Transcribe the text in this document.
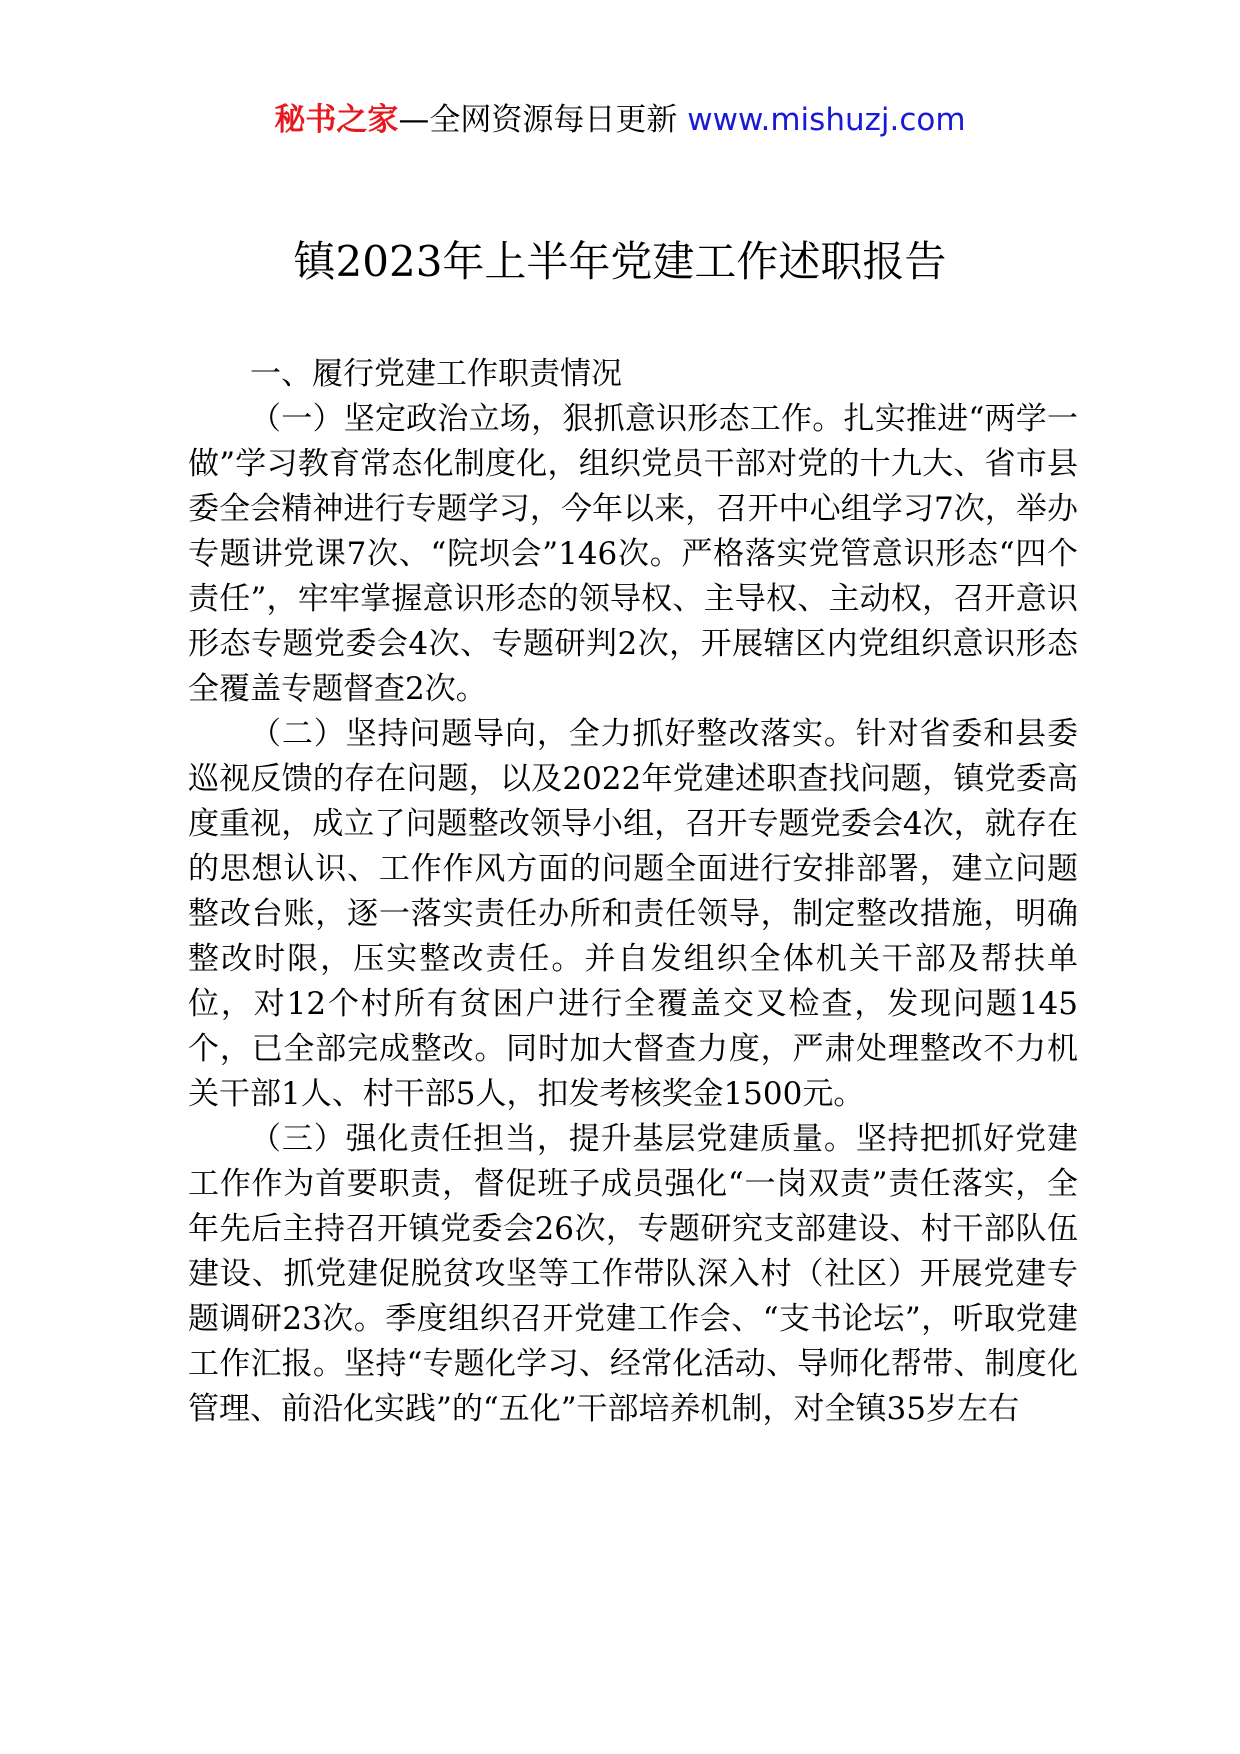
秘书之家—全网资源每日更新 www.mishuzj.com
镇2023年上半年党建工作述职报告

一、履行党建工作职责情况

（一）坚定政治立场，狠抓意识形态工作。扎实推进“两学一做”学习教育常态化制度化，组织党员干部对党的十九大、省市县委全会精神进行专题学习，今年以来，召开中心组学习7次，举办专题讲党课7次、“院坝会”146次。严格落实党管意识形态“四个责任”，牢牢掌握意识形态的领导权、主导权、主动权，召开意识形态专题党委会4次、专题研判2次，开展辖区内党组织意识形态全覆盖专题督查2次。

（二）坚持问题导向，全力抓好整改落实。针对省委和县委巡视反馈的存在问题，以及2022年党建述职查找问题，镇党委高度重视，成立了问题整改领导小组，召开专题党委会4次，就存在的思想认识、工作作风方面的问题全面进行安排部署，建立问题整改台账，逐一落实责任办所和责任领导，制定整改措施，明确整改时限，压实整改责任。并自发组织全体机关干部及帮扶单位，对12个村所有贫困户进行全覆盖交叉检查，发现问题145个，已全部完成整改。同时加大督查力度，严肃处理整改不力机关干部1人、村干部5人，扣发考核奖金1500元。

（三）强化责任担当，提升基层党建质量。坚持把抓好党建工作作为首要职责，督促班子成员强化“一岗双责”责任落实，全年先后主持召开镇党委会26次，专题研究支部建设、村干部队伍建设、抓党建促脱贫攻坚等工作带队深入村（社区）开展党建专题调研23次。季度组织召开党建工作会、“支书论坛”，听取党建工作汇报。坚持“专题化学习、经常化活动、导师化帮带、制度化管理、前沿化实践”的“五化”干部培养机制，对全镇35岁左右
